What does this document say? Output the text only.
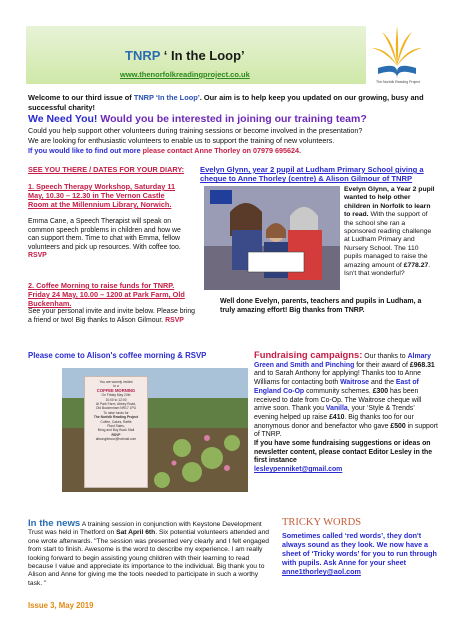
TNRP ‘ In the Loop’
www.thenorfolkreadingproject.co.uk
The Norfolk Reading Project
Welcome to our third issue of TNRP ‘In the Loop’. Our aim is to help keep you updated on our growing, busy and successful charity!
We Need You! Would you be interested in joining our training team?
Could you help support other volunteers during training sessions or become involved in the presentation?
We are looking for enthusiastic volunteers to enable us to support the training of new volunteers.
If you would like to find out more please contact Anne Thorley on 07979 695624.
SEE YOU THERE / DATES FOR YOUR DIARY:
1. Speech Therapy Workshop, Saturday 11 May, 10.30 – 12.30 in The Vernon Castle Room at the Millennium Library, Norwich.
Emma Cane, a Speech Therapist will speak on common speech problems in children and how we can support them. Time to chat with Emma, fellow volunteers and pick up resources. With coffee too. RSVP
2. Coffee Morning to raise funds for TNRP. Friday 24 May, 10.00 – 1200 at Park Farm, Old Buckenham.
See your personal invite and invite below. Please bring a friend or two! Big thanks to Alison Gilmour. RSVP
Evelyn Glynn, year 2 pupil at Ludham Primary School giving a cheque to Anne Thorley (centre) & Alison Gilmour of TNRP
Evelyn Glynn, a Year 2 pupil wanted to help other children in Norfolk to learn to read. With the support of the school she ran a sponsored reading challenge at Ludham Primary and Nursery School. The 110 pupils managed to raise the amazing amount of £778.27. Isn't that wonderful?
Well done Evelyn, parents, teachers and pupils in Ludham, a truly amazing effort! Big thanks from TNRP.
Please come to Alison's coffee morning & RSVP
You are warmly invited
to a
COFFEE MORNING
On Friday May 24th
10:00 to 12:00
At Park Farm, Abbey Road,
Old Buckenham NR17 1PU
To raise funds for
The Norfolk Reading Project
Coffee, Cakes, Raffle
Plant Sales,
Bring and Buy Book Stall
RSVP
alisongilmour@hotmail.com
Fundraising campaigns: Our thanks to Almary Green and Smith and Pinching for their award of £968.31 and to Sarah Anthony for applying! Thanks too to Anne Williams for contacting both Waitrose and the East of England Co-Op community schemes. £300 has been received to date from Co-Op. The Waitrose cheque will arrive soon. Thank you Vanilla, your ‘Style & Trends’ evening helped up raise £410. Big thanks too for our anonymous donor and benefactor who gave £500 in support of TNRP.
If you have some fundraising suggestions or ideas on newsletter content, please contact Editor Lesley in the first instance
lesleypenniket@gmail.com
In the news A training session in conjunction with Keystone Development Trust was held in Thetford on Sat April 6th. Six potential volunteers attended and one wrote afterwards. "The session was presented very clearly and I felt engaged from start to finish. Awesome is the word to describe my experience. I am really looking forward to begin assisting young children with their learning to read because I value and appreciate its importance to the individual. Big thank you to Alison and Anne for giving me the tools needed to participate in such a worthy task. "
Issue 3, May 2019
TRICKY WORDS
Sometimes called ‘red words’, they don't always sound as they look. We now have a sheet of ‘Tricky words’ for you to run through with pupils. Ask Anne for your sheet
anne1thorley@aol.com
